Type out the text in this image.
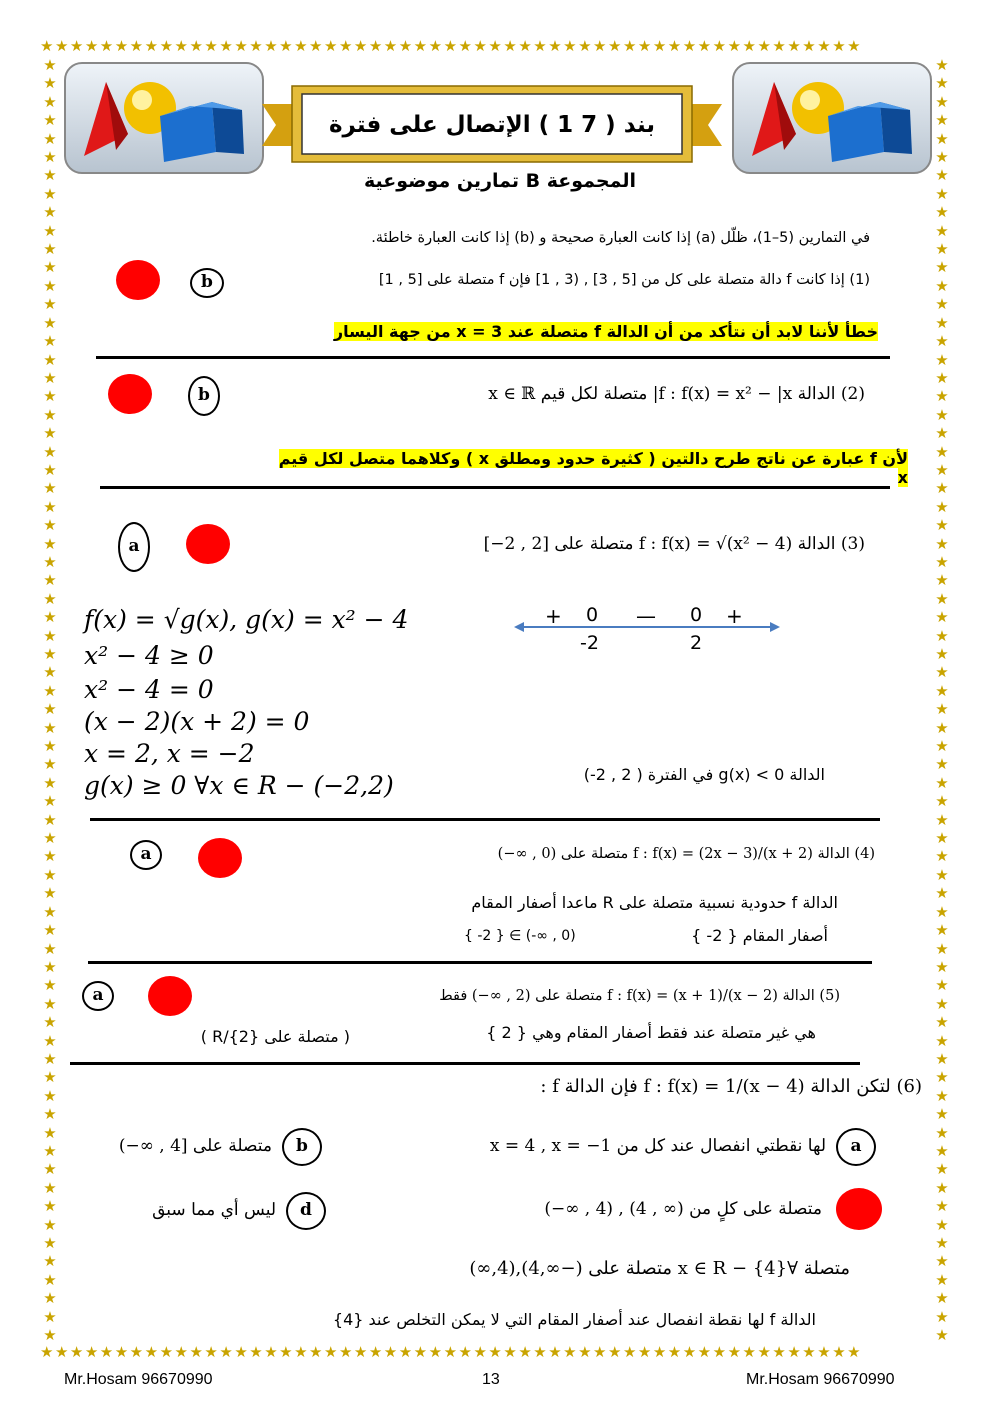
★★★★★★★★★★★★★★★★★★★★★★★★★★★★★★★★★★★★★★★★★★★★★★★★★★★★★★★
★★★★★★★★★★★★★★★★★★★★★★★★★★★★★★★★★★★★★★★★★★★★★★★★★★★★★★★
★
★
★
★
★
★
★
★
★
★
★
★
★
★
★
★
★
★
★
★
★
★
★
★
★
★
★
★
★
★
★
★
★
★
★
★
★
★
★
★
★
★
★
★
★
★
★
★
★
★
★
★
★
★
★
★
★
★
★
★
★
★
★
★
★
★
★
★
★
★
★
★
★
★
★
★
★
★
★
★
★
★
★
★
★
★
★
★
★
★
★
★
★
★
★
★
★
★
★
★
★
★
★
★
★
★
★
★
★
★
★
★
★
★
★
★
★
★
★
★
★
★
★
★
★
★
★
★
★
★
★
★
★
★
★
★
★
★
★
★
بند ( 7 1 ) الإتصال على فترة
المجموعة B تمارين موضوعية
في التمارين (5–1)، ظلّل (a) إذا كانت العبارة صحيحة و (b) إذا كانت العبارة خاطئة.
b	(1) إذا كانت f دالة متصلة على كل من [5 , 3] , (3 , 1] فإن f متصلة على [5 , 1]
خطأ لأننا لابد أن نتأكد من أن الدالة f متصلة عند x = 3 من جهة اليسار
b	(2) الدالة f : f(x) = x² − |x| متصلة لكل قيم x ∈ ℝ
لأن f عبارة عن ناتج طرح دالتين ( كثيرة حدود ومطلق x ) وكلاهما متصل لكل قيم x
a	(3) الدالة f : f(x) = √(x² − 4) متصلة على [2 , 2−]
f(x) = √g(x), g(x) = x² − 4
x² − 4 ≥ 0
x² − 4 = 0
(x − 2)(x + 2) = 0
x = 2, x = −2
g(x) ≥ 0 ∀x ∈ R − (−2,2)
+ 0 — 0 +
-2	2
الدالة g(x) < 0 في الفترة ( 2 , 2-)
a	(4) الدالة f : f(x) = (2x − 3)/(x + 2) متصلة على (0 , ∞−)
الدالة f حدودية نسبية متصلة على R ماعدا أصفار المقام
أصفار المقام { 2- }
{ -2 } ∈ (-∞ , 0)
a	(5) الدالة f : f(x) = (x + 1)/(x − 2) متصلة على (2 , ∞−) فقط
هي غير متصلة عند فقط أصفار المقام وهي { 2 }
( متصلة على {R/{2 )
(6) لتكن الدالة f : f(x) = 1/(x − 4) فإن الدالة f :
a
لها نقطتي انفصال عند كل من x = 4 , x = −1
b
متصلة على [4 , ∞−)
متصلة على كلٍ من (∞ , 4) , (4 , ∞−)
d
ليس أي مما سبق
متصلة ∀x ∈ R − {4} متصلة على (−∞,4),(4,∞)
الدالة f لها نقطة انفصال عند أصفار المقام التي لا يمكن التخلص عند {4}
Mr.Hosam 96670990	13	Mr.Hosam 96670990
